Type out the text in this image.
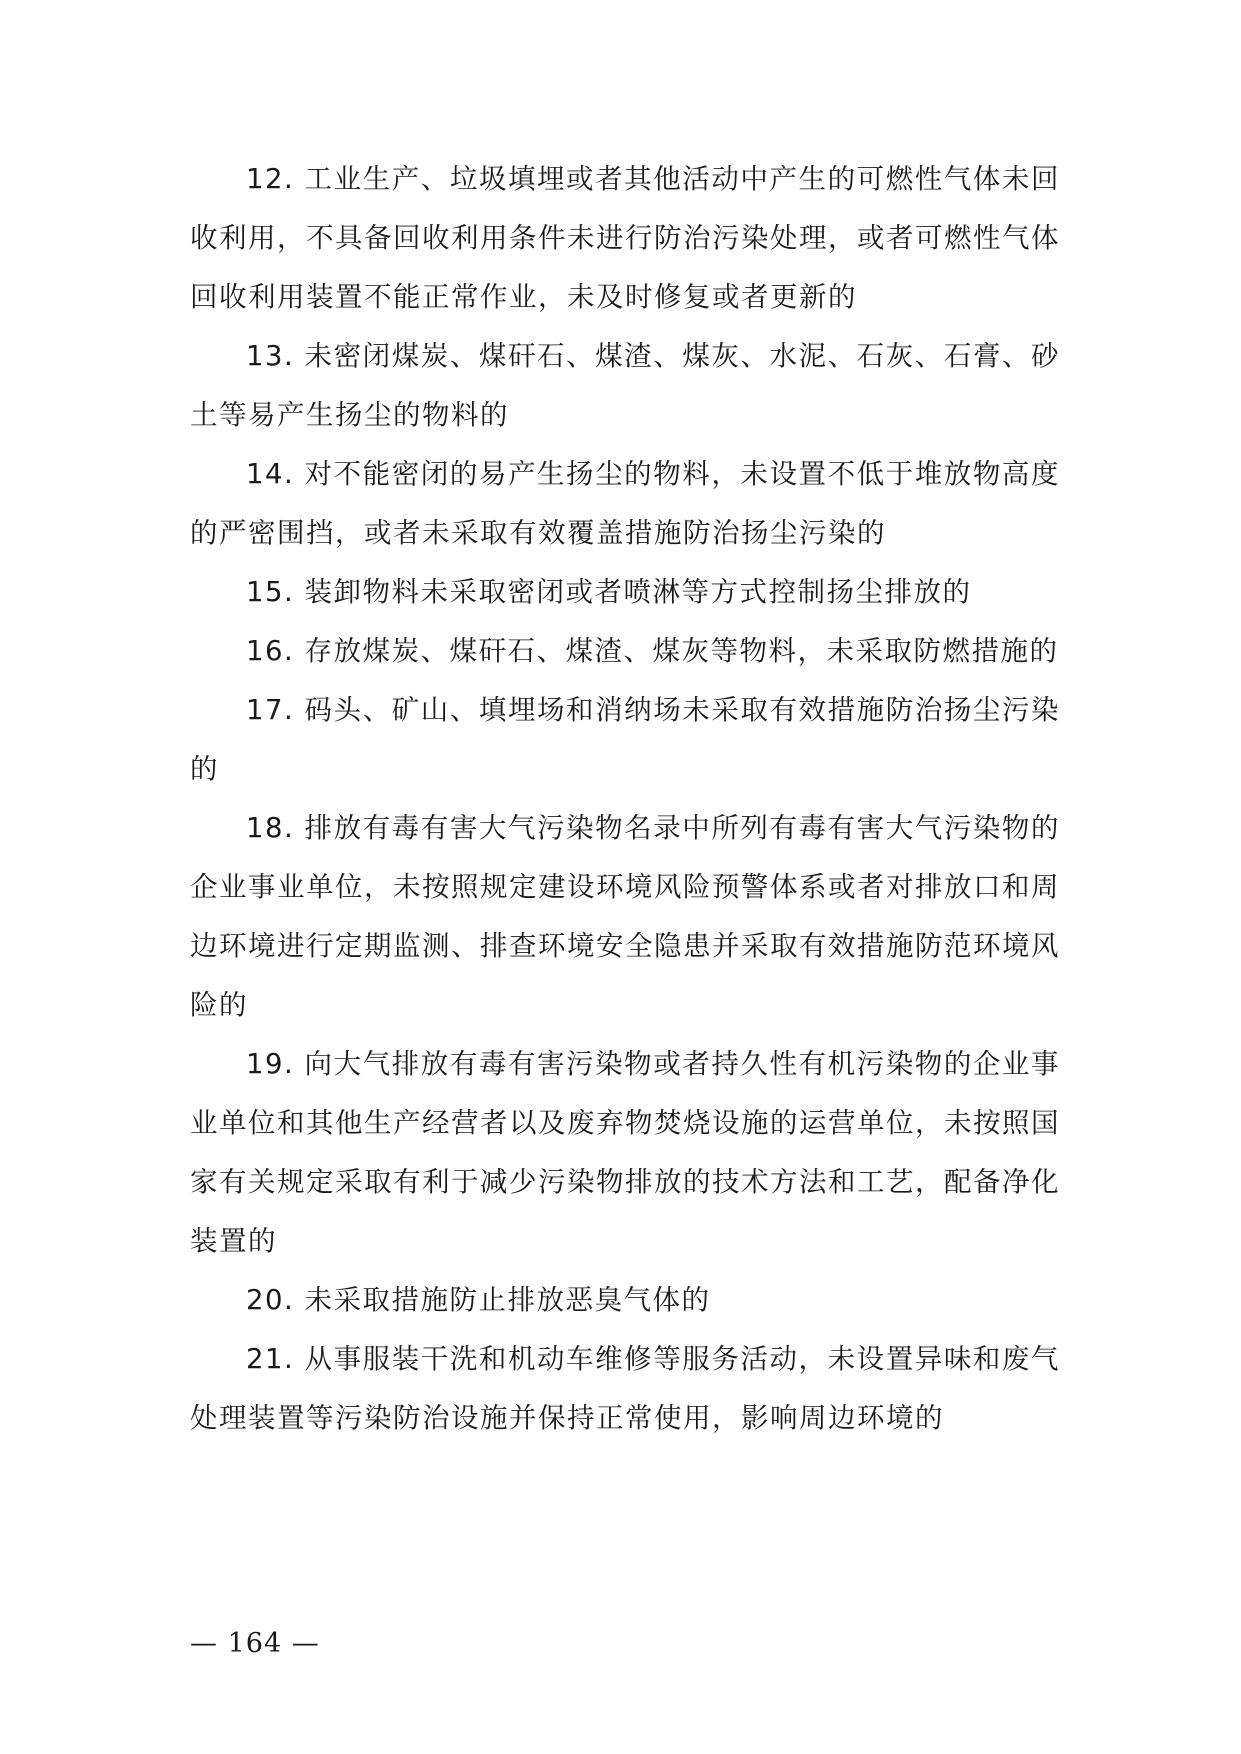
12. 工业生产、垃圾填埋或者其他活动中产生的可燃性气体未回收利用，不具备回收利用条件未进行防治污染处理，或者可燃性气体回收利用装置不能正常作业，未及时修复或者更新的

13. 未密闭煤炭、煤矸石、煤渣、煤灰、水泥、石灰、石膏、砂土等易产生扬尘的物料的

14. 对不能密闭的易产生扬尘的物料，未设置不低于堆放物高度的严密围挡，或者未采取有效覆盖措施防治扬尘污染的

15. 装卸物料未采取密闭或者喷淋等方式控制扬尘排放的

16. 存放煤炭、煤矸石、煤渣、煤灰等物料，未采取防燃措施的

17. 码头、矿山、填埋场和消纳场未采取有效措施防治扬尘污染的

18. 排放有毒有害大气污染物名录中所列有毒有害大气污染物的企业事业单位，未按照规定建设环境风险预警体系或者对排放口和周边环境进行定期监测、排查环境安全隐患并采取有效措施防范环境风险的

19. 向大气排放有毒有害污染物或者持久性有机污染物的企业事业单位和其他生产经营者以及废弃物焚烧设施的运营单位，未按照国家有关规定采取有利于减少污染物排放的技术方法和工艺，配备净化装置的

20. 未采取措施防止排放恶臭气体的

21. 从事服装干洗和机动车维修等服务活动，未设置异味和废气处理装置等污染防治设施并保持正常使用，影响周边环境的

— 164 —
